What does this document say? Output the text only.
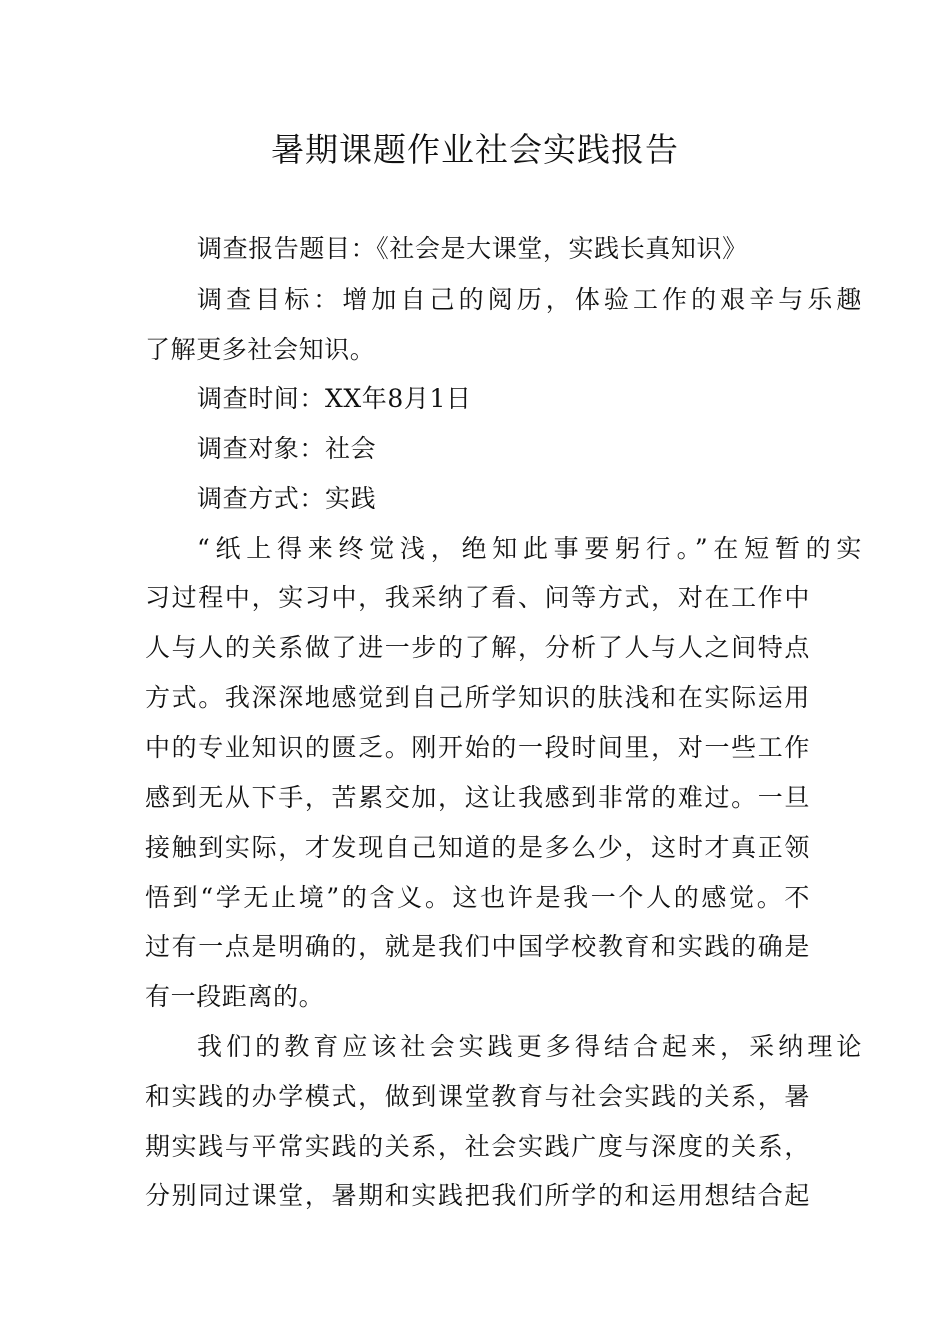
暑期课题作业社会实践报告
调查报告题目：《社会是大课堂，实践长真知识》
调查目标：增加自己的阅历，体验工作的艰辛与乐趣
了解更多社会知识。
调查时间：XX年8月1日
调查对象：社会
调查方式：实践
“纸上得来终觉浅，绝知此事要躬行。”在短暂的实
习过程中，实习中，我采纳了看、问等方式，对在工作中
人与人的关系做了进一步的了解，分析了人与人之间特点
方式。我深深地感觉到自己所学知识的肤浅和在实际运用
中的专业知识的匮乏。刚开始的一段时间里，对一些工作
感到无从下手，苦累交加，这让我感到非常的难过。一旦
接触到实际，才发现自己知道的是多么少，这时才真正领
悟到“学无止境”的含义。这也许是我一个人的感觉。不
过有一点是明确的，就是我们中国学校教育和实践的确是
有一段距离的。
我们的教育应该社会实践更多得结合起来，采纳理论
和实践的办学模式，做到课堂教育与社会实践的关系，暑
期实践与平常实践的关系，社会实践广度与深度的关系，
分别同过课堂，暑期和实践把我们所学的和运用想结合起
